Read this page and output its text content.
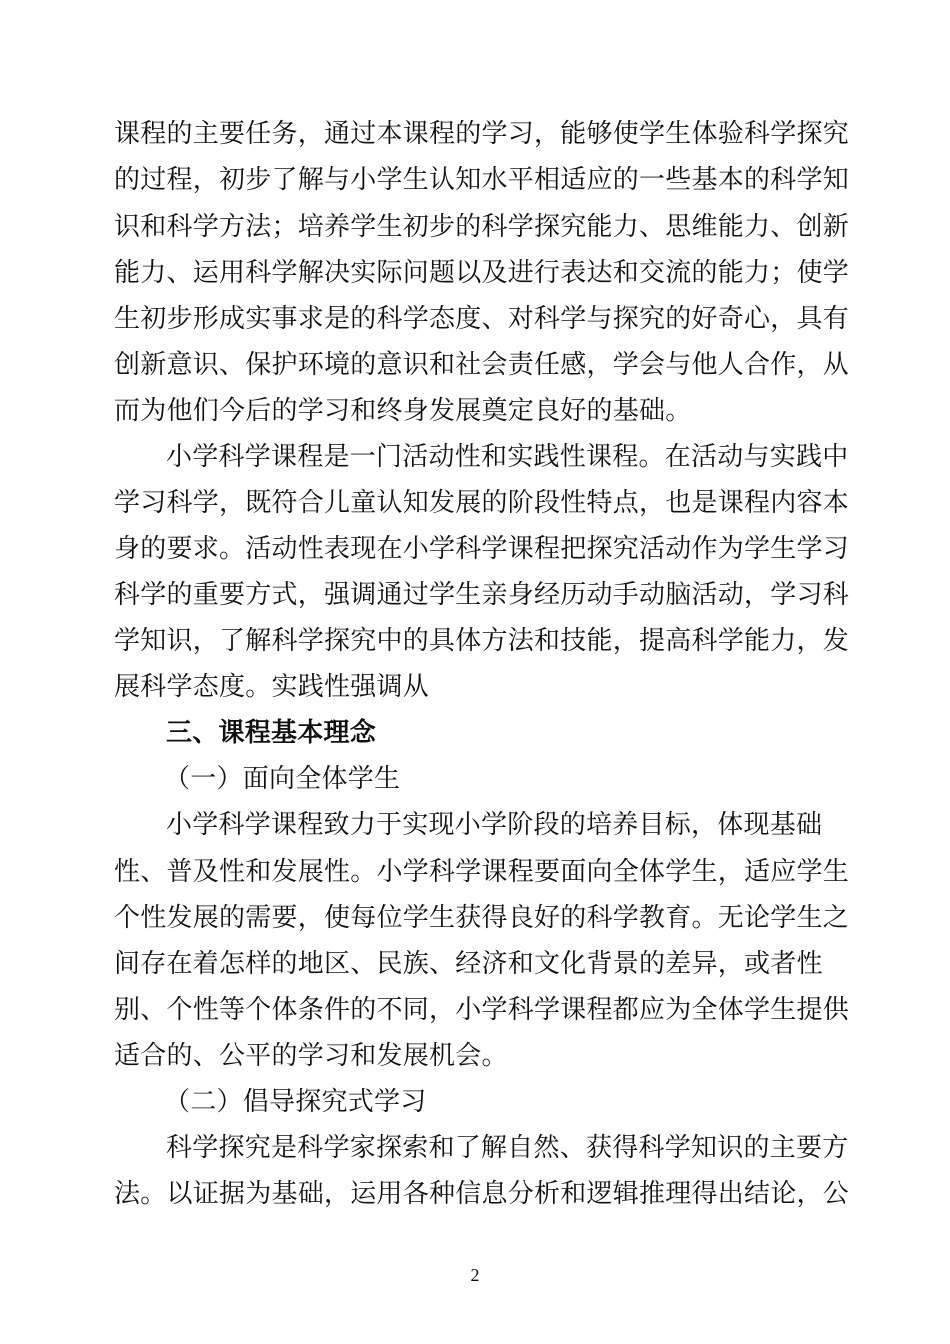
课程的主要任务，通过本课程的学习，能够使学生体验科学探究
的过程，初步了解与小学生认知水平相适应的一些基本的科学知
识和科学方法；培养学生初步的科学探究能力、思维能力、创新
能力、运用科学解决实际问题以及进行表达和交流的能力；使学
生初步形成实事求是的科学态度、对科学与探究的好奇心，具有
创新意识、保护环境的意识和社会责任感，学会与他人合作，从
而为他们今后的学习和终身发展奠定良好的基础。
小学科学课程是一门活动性和实践性课程。在活动与实践中
学习科学，既符合儿童认知发展的阶段性特点，也是课程内容本
身的要求。活动性表现在小学科学课程把探究活动作为学生学习
科学的重要方式，强调通过学生亲身经历动手动脑活动，学习科
学知识，了解科学探究中的具体方法和技能，提高科学能力，发
展科学态度。实践性强调从
三、课程基本理念
（一）面向全体学生
小学科学课程致力于实现小学阶段的培养目标，体现基础
性、普及性和发展性。小学科学课程要面向全体学生，适应学生
个性发展的需要，使每位学生获得良好的科学教育。无论学生之
间存在着怎样的地区、民族、经济和文化背景的差异，或者性
别、个性等个体条件的不同，小学科学课程都应为全体学生提供
适合的、公平的学习和发展机会。
（二）倡导探究式学习
科学探究是科学家探索和了解自然、获得科学知识的主要方
法。以证据为基础，运用各种信息分析和逻辑推理得出结论，公
2
